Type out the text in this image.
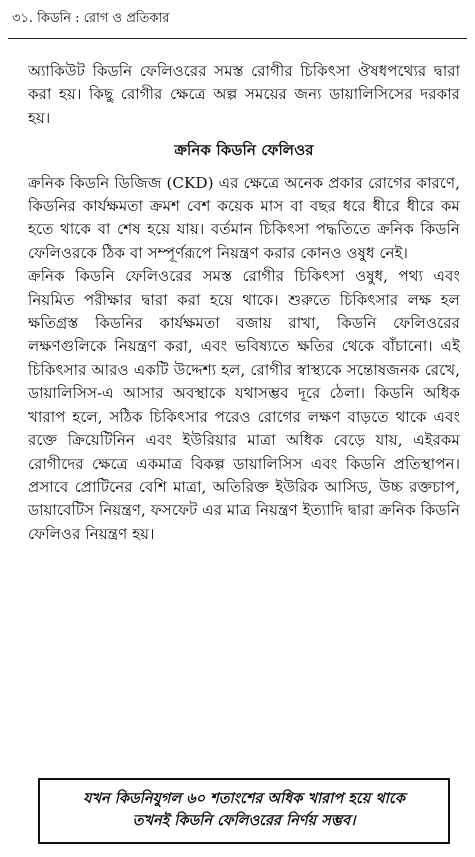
৩১. কিডনি : রোগ ও প্রতিকার

অ্যাকিউট কিডনি ফেলিওরের সমস্ত রোগীর চিকিৎসা ঔষধপথ্যের দ্বারা করা হয়। কিছু রোগীর ক্ষেত্রে অল্প সময়ের জন্য ডায়ালিসিসের দরকার হয়।

ক্রনিক কিডনি ফেলিওর

ক্রনিক কিডনি ডিজিজ (CKD) এর ক্ষেত্রে অনেক প্রকার রোগের কারণে, কিডনির কার্যক্ষমতা ক্রমশ বেশ কয়েক মাস বা বছর ধরে ধীরে ধীরে কম হতে থাকে বা শেষ হয়ে যায়। বর্তমান চিকিৎসা পদ্ধতিতে ক্রনিক কিডনি ফেলিওরকে ঠিক বা সম্পূর্ণরূপে নিয়ন্ত্রণ করার কোনও ওষুধ নেই।

ক্রনিক কিডনি ফেলিওরের সমস্ত রোগীর চিকিৎসা ওষুধ, পথ্য এবং নিয়মিত পরীক্ষার দ্বারা করা হয়ে থাকে। শুরুতে চিকিৎসার লক্ষ হল ক্ষতিগ্রস্ত কিডনির কার্যক্ষমতা বজায় রাখা, কিডনি ফেলিওরের লক্ষণগুলিকে নিয়ন্ত্রণ করা, এবং ভবিষ্যতে ক্ষতির থেকে বাঁচানো। এই চিকিৎসার আরও একটি উদ্দেশ্য হল, রোগীর স্বাস্থ্যকে সন্তোষজনক রেখে, ডায়ালিসিস-এ আসার অবস্থাকে যথাসম্ভব দূরে ঠেলা। কিডনি অধিক খারাপ হলে, সঠিক চিকিৎসার পরেও রোগের লক্ষণ বাড়তে থাকে এবং রক্তে ক্রিয়েটিনিন এবং ইউরিয়ার মাত্রা অধিক বেড়ে যায়, এইরকম রোগীদের ক্ষেত্রে একমাত্র বিকল্প ডায়ালিসিস এবং কিডনি প্রতিস্থাপন। প্রসাবে প্রোটিনের বেশি মাত্রা, অতিরিক্ত ইউরিক আসিড, উচ্চ রক্তচাপ, ডায়াবেটিস নিয়ন্ত্রণ, ফসফেট এর মাত্র নিয়ন্ত্রণ ইত্যাদি দ্বারা ক্রনিক কিডনি ফেলিওর নিয়ন্ত্রণ হয়।

যখন কিডনিযুগল ৬০ শতাংশের অধিক খারাপ হয়ে থাকে
তখনই কিডনি ফেলিওরের নির্ণয় সম্ভব।
